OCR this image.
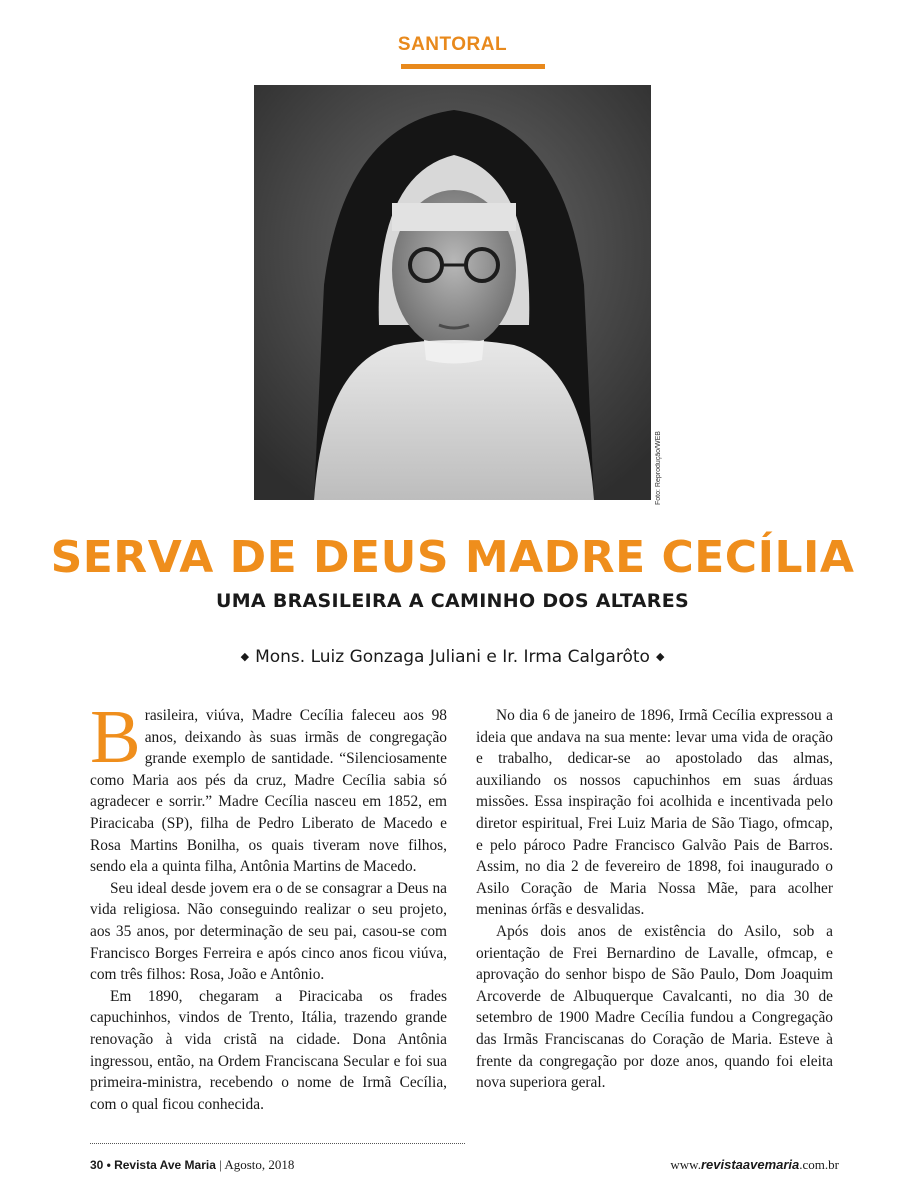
SANTORAL
Foto: Reprodução/WEB
SERVA DE DEUS MADRE CECÍLIA
UMA BRASILEIRA A CAMINHO DOS ALTARES
◆ Mons. Luiz Gonzaga Juliani e Ir. Irma Calgarôto ◆

Brasileira, viúva, Madre Cecília faleceu aos 98 anos, deixando às suas irmãs de congregação grande exemplo de santidade. “Silenciosamente como Maria aos pés da cruz, Madre Cecília sabia só agradecer e sorrir.” Madre Cecília nasceu em 1852, em Piracicaba (SP), filha de Pedro Liberato de Macedo e Rosa Martins Bonilha, os quais tiveram nove filhos, sendo ela a quinta filha, Antônia Martins de Macedo.

Seu ideal desde jovem era o de se consagrar a Deus na vida religiosa. Não conseguindo realizar o seu projeto, aos 35 anos, por determinação de seu pai, casou-se com Francisco Borges Ferreira e após cinco anos ficou viúva, com três filhos: Rosa, João e Antônio.

Em 1890, chegaram a Piracicaba os frades capuchinhos, vindos de Trento, Itália, trazendo grande renovação à vida cristã na cidade. Dona Antônia ingressou, então, na Ordem Franciscana Secular e foi sua primeira-ministra, recebendo o nome de Irmã Cecília, com o qual ficou conhecida.

No dia 6 de janeiro de 1896, Irmã Cecília expressou a ideia que andava na sua mente: levar uma vida de oração e trabalho, dedicar-se ao apostolado das almas, auxiliando os nossos capuchinhos em suas árduas missões. Essa inspiração foi acolhida e incentivada pelo diretor espiritual, Frei Luiz Maria de São Tiago, ofmcap, e pelo pároco Padre Francisco Galvão Pais de Barros. Assim, no dia 2 de fevereiro de 1898, foi inaugurado o Asilo Coração de Maria Nossa Mãe, para acolher meninas órfãs e desvalidas.

Após dois anos de existência do Asilo, sob a orientação de Frei Bernardino de Lavalle, ofmcap, e aprovação do senhor bispo de São Paulo, Dom Joaquim Arcoverde de Albuquerque Cavalcanti, no dia 30 de setembro de 1900 Madre Cecília fundou a Congregação das Irmãs Franciscanas do Coração de Maria. Esteve à frente da congregação por doze anos, quando foi eleita nova superiora geral.

30 • Revista Ave Maria | Agosto, 2018	www.revistaavemaria.com.br
